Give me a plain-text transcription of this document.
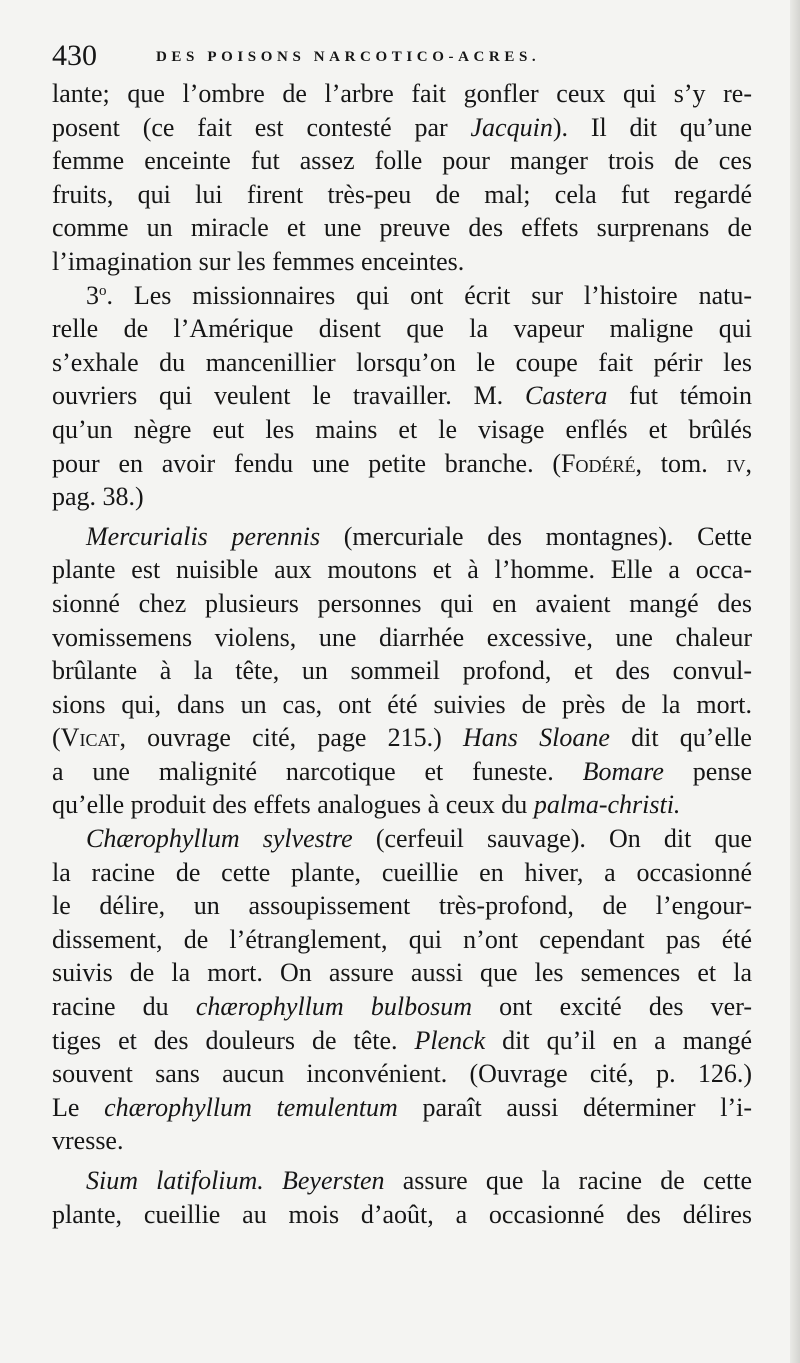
430	DES POISONS NARCOTICO-ACRES.
lante; que l’ombre de l’arbre fait gonfler ceux qui s’y re-
posent (ce fait est contesté par Jacquin). Il dit qu’une
femme enceinte fut assez folle pour manger trois de ces
fruits, qui lui firent très-peu de mal; cela fut regardé
comme un miracle et une preuve des effets surprenans de
l’imagination sur les femmes enceintes.
3$^o$. Les missionnaires qui ont écrit sur l’histoire natu-
relle de l’Amérique disent que la vapeur maligne qui
s’exhale du mancenillier lorsqu’on le coupe fait périr les
ouvriers qui veulent le travailler. M. Castera fut témoin
qu’un nègre eut les mains et le visage enflés et brûlés
pour en avoir fendu une petite branche. (Fodéré, tom. iv,
pag. 38.)
Mercurialis perennis (mercuriale des montagnes). Cette
plante est nuisible aux moutons et à l’homme. Elle a occa-
sionné chez plusieurs personnes qui en avaient mangé des
vomissemens violens, une diarrhée excessive, une chaleur
brûlante à la tête, un sommeil profond, et des convul-
sions qui, dans un cas, ont été suivies de près de la mort.
(Vicat, ouvrage cité, page 215.) Hans Sloane dit qu’elle
a une malignité narcotique et funeste. Bomare pense
qu’elle produit des effets analogues à ceux du palma-christi.
Chærophyllum sylvestre (cerfeuil sauvage). On dit que
la racine de cette plante, cueillie en hiver, a occasionné
le délire, un assoupissement très-profond, de l’engour-
dissement, de l’étranglement, qui n’ont cependant pas été
suivis de la mort. On assure aussi que les semences et la
racine du chærophyllum bulbosum ont excité des ver-
tiges et des douleurs de tête. Plenck dit qu’il en a mangé
souvent sans aucun inconvénient. (Ouvrage cité, p. 126.)
Le chærophyllum temulentum paraît aussi déterminer l’i-
vresse.
Sium latifolium. Beyersten assure que la racine de cette
plante, cueillie au mois d’août, a occasionné des délires
